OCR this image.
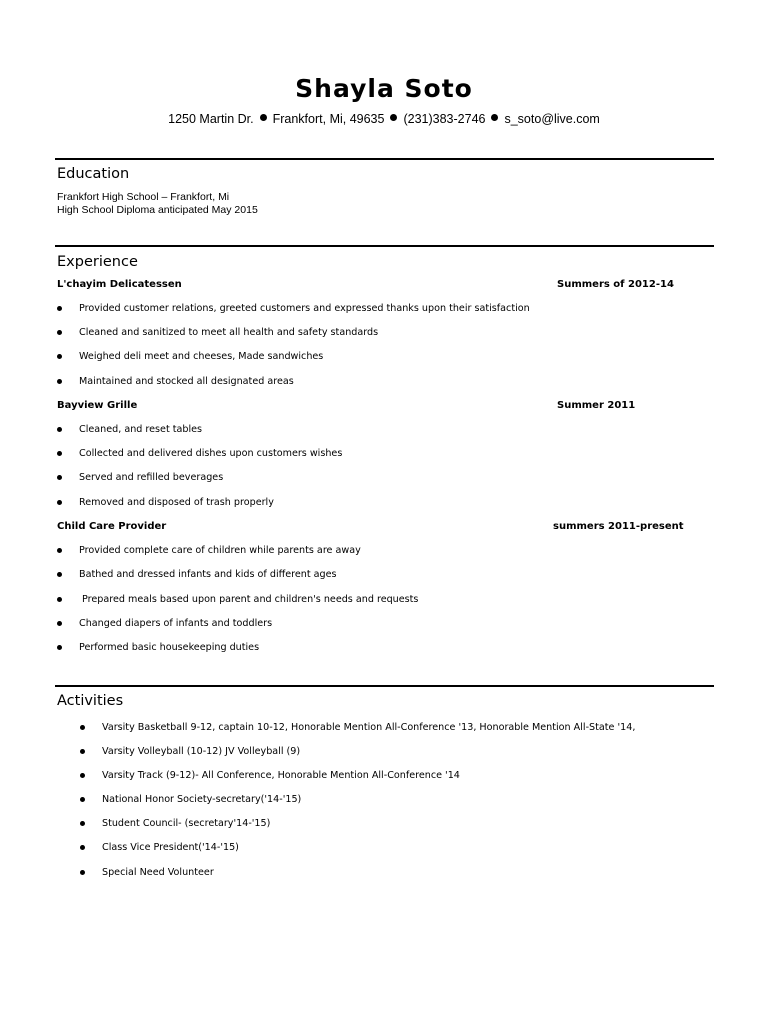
Shayla Soto
1250 Martin Dr. Frankfort, Mi, 49635 (231)383-2746 s_soto@live.com
Education
Frankfort High School – Frankfort, Mi
High School Diploma anticipated May 2015
Experience
L'chayim Delicatessen	Summers of 2012-14
Provided customer relations, greeted customers and expressed thanks upon their satisfaction
Cleaned and sanitized to meet all health and safety standards
Weighed deli meet and cheeses, Made sandwiches
Maintained and stocked all designated areas
Bayview Grille	Summer 2011
Cleaned, and reset tables
Collected and delivered dishes upon customers wishes
Served and refilled beverages
Removed and disposed of trash properly
Child Care Provider	summers 2011-present
Provided complete care of children while parents are away
Bathed and dressed infants and kids of different ages
Prepared meals based upon parent and children's needs and requests
Changed diapers of infants and toddlers
Performed basic housekeeping duties
Activities
Varsity Basketball 9-12, captain 10-12, Honorable Mention All-Conference '13, Honorable Mention All-State '14,
Varsity Volleyball (10-12) JV Volleyball (9)
Varsity Track (9-12)- All Conference, Honorable Mention All-Conference '14
National Honor Society-secretary('14-'15)
Student Council- (secretary'14-'15)
Class Vice President('14-'15)
Special Need Volunteer
